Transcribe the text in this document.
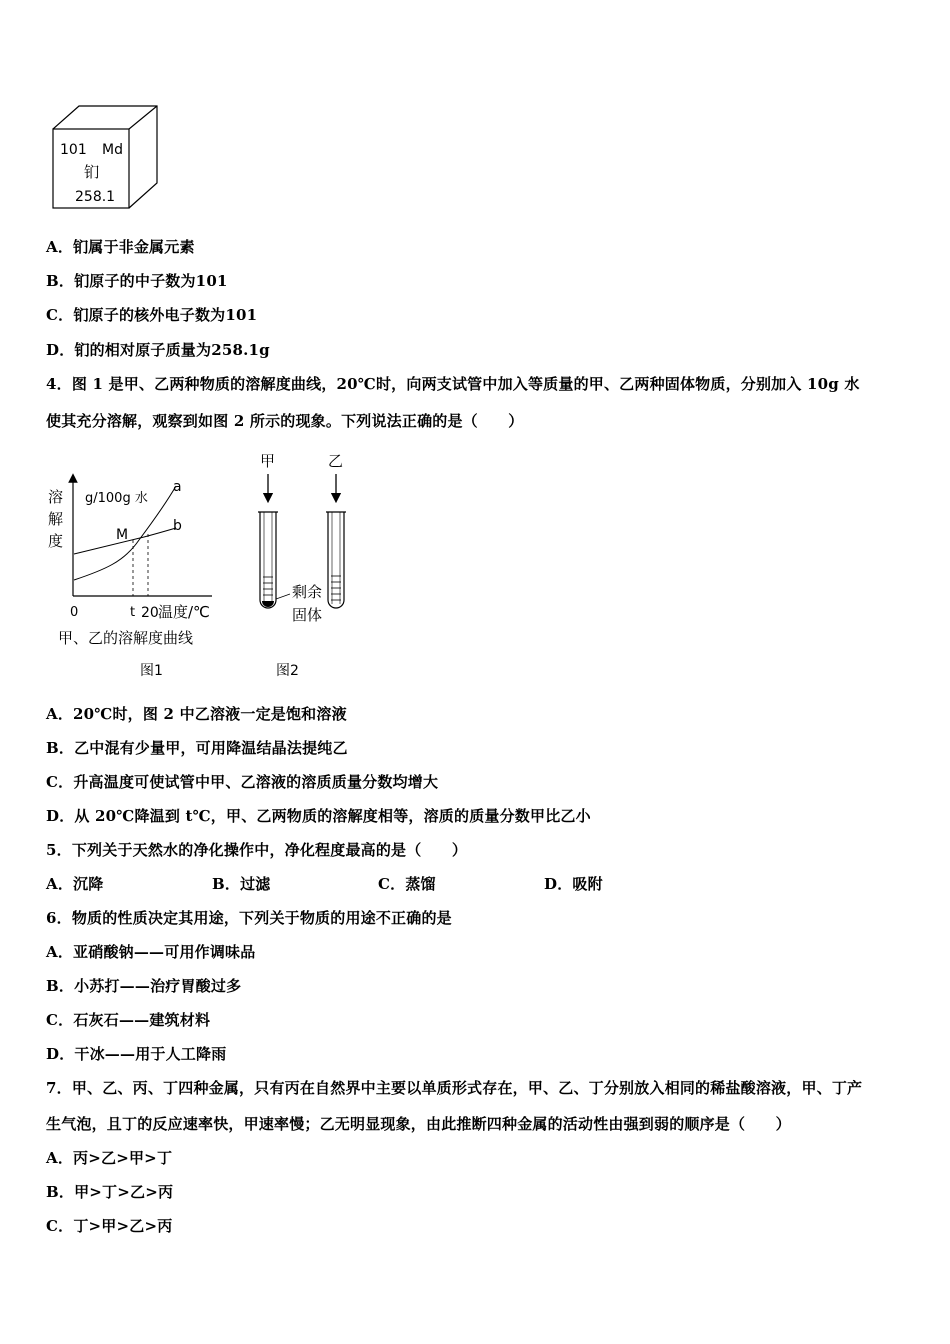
101 Md
钔
258.1
A．钔属于非金属元素
B．钔原子的中子数为101
C．钔原子的核外电子数为101
D．钔的相对原子质量为258.1g
4．图 1 是甲、乙两种物质的溶解度曲线，20℃时，向两支试管中加入等质量的甲、乙两种固体物质，分别加入 10g 水
使其充分溶解，观察到如图 2 所示的现象。下列说法正确的是（　　）
溶
解
度
g/100g 水
a
b
M
0	t 20 温度/℃
甲、乙的溶解度曲线
图1
甲	乙
剩余
固体
图2
A．20℃时，图 2 中乙溶液一定是饱和溶液
B．乙中混有少量甲，可用降温结晶法提纯乙
C．升高温度可使试管中甲、乙溶液的溶质质量分数均增大
D．从 20℃降温到 t℃，甲、乙两物质的溶解度相等，溶质的质量分数甲比乙小
5．下列关于天然水的净化操作中，净化程度最高的是（　　）
A．沉降	B．过滤	C．蒸馏	D．吸附
6．物质的性质决定其用途，下列关于物质的用途不正确的是
A．亚硝酸钠——可用作调味品
B．小苏打——治疗胃酸过多
C．石灰石——建筑材料
D．干冰——用于人工降雨
7．甲、乙、丙、丁四种金属，只有丙在自然界中主要以单质形式存在，甲、乙、丁分别放入相同的稀盐酸溶液，甲、丁产
生气泡，且丁的反应速率快，甲速率慢；乙无明显现象，由此推断四种金属的活动性由强到弱的顺序是（　　）
A．丙>乙>甲>丁
B．甲>丁>乙>丙
C．丁>甲>乙>丙
